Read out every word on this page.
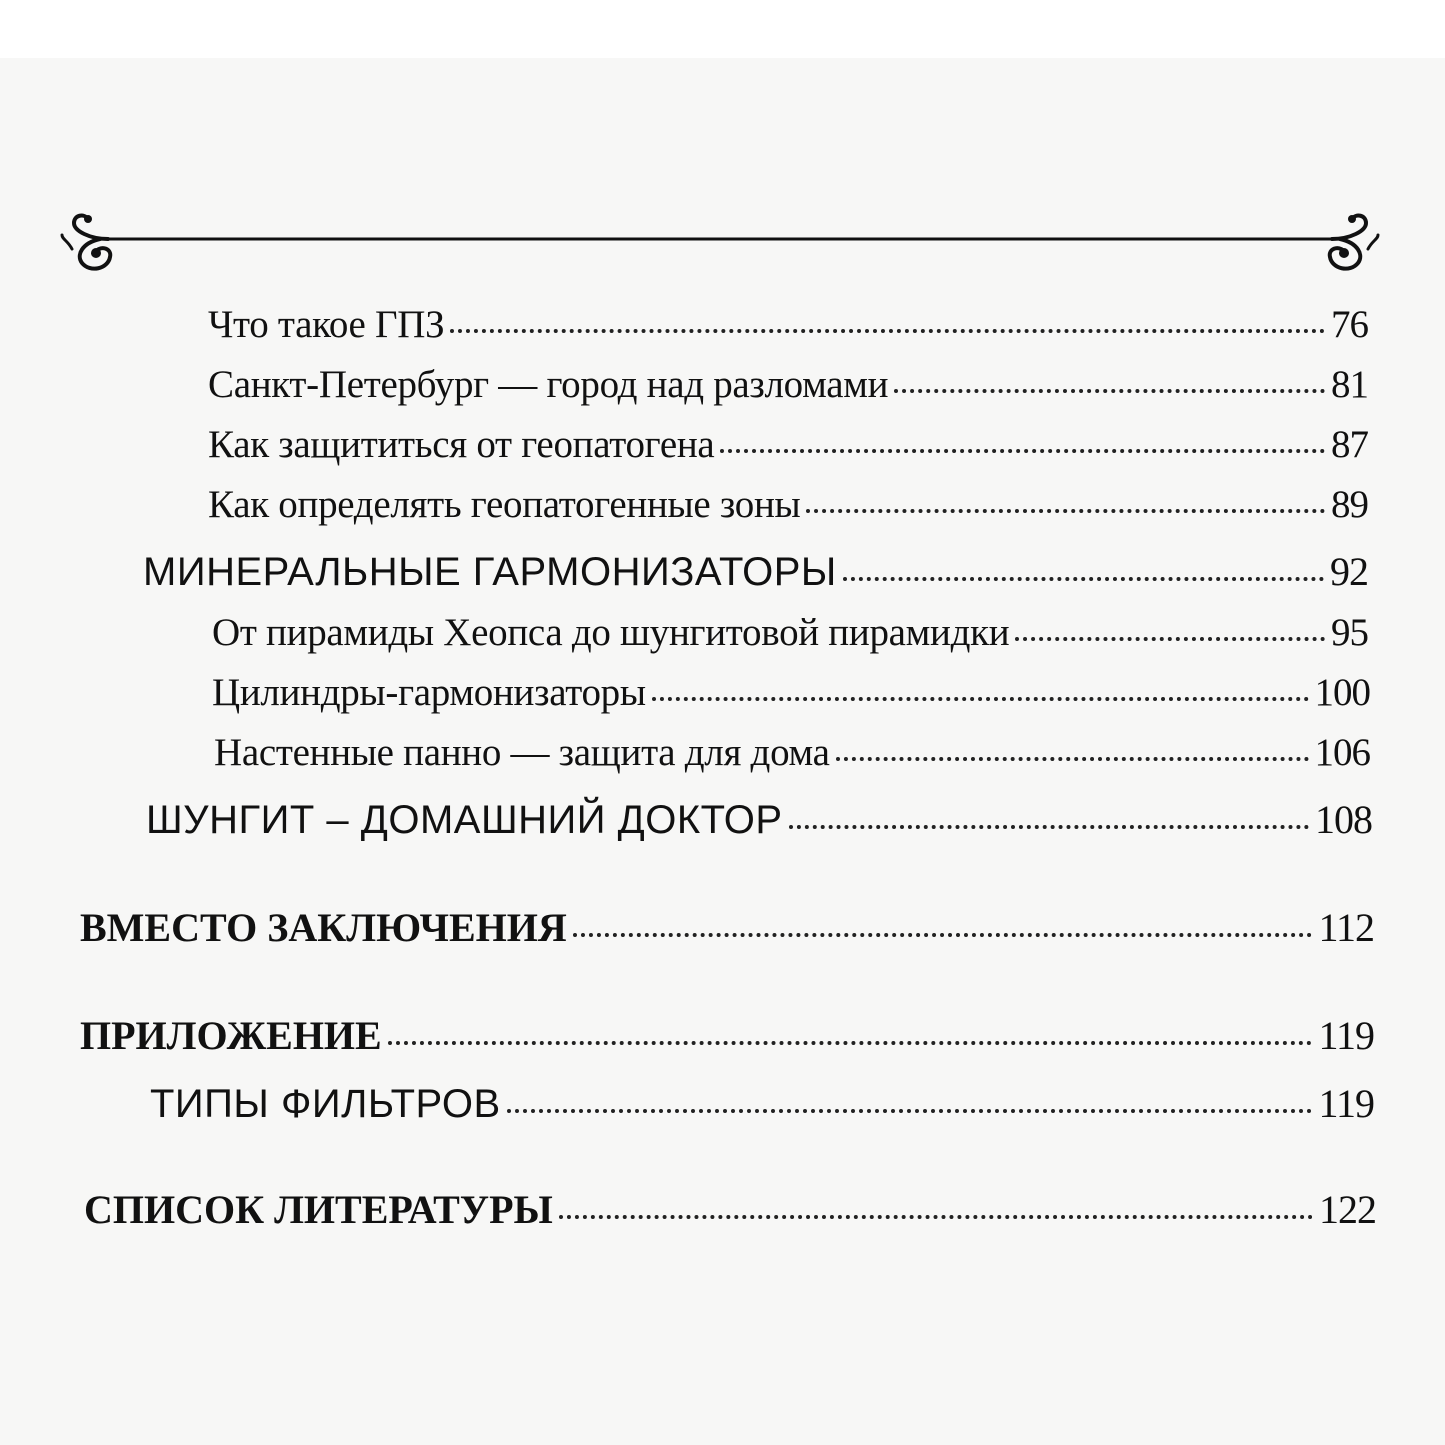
Что такое ГПЗ	76
Санкт-Петербург — город над разломами	81
Как защититься от геопатогена	87
Как определять геопатогенные зоны	89
МИНЕРАЛЬНЫЕ ГАРМОНИЗАТОРЫ	92
От пирамиды Хеопса до шунгитовой пирамидки	95
Цилиндры-гармонизаторы	100
Настенные панно — защита для дома	106
ШУНГИТ – ДОМАШНИЙ ДОКТОР	108
ВМЕСТО ЗАКЛЮЧЕНИЯ	112
ПРИЛОЖЕНИЕ	119
ТИПЫ ФИЛЬТРОВ	119
СПИСОК ЛИТЕРАТУРЫ	122
